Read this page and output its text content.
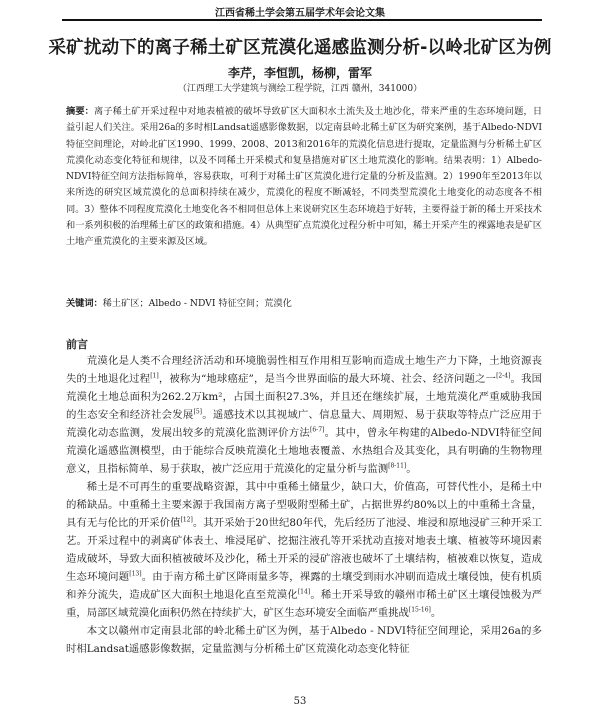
江西省稀土学会第五届学术年会论文集
采矿扰动下的离子稀土矿区荒漠化遥感监测分析-以岭北矿区为例
李芹，李恒凯，杨柳，雷军
（江西理工大学建筑与测绘工程学院，江西 赣州，341000）
摘要：离子稀土矿开采过程中对地表植被的破坏导致矿区大面积水土流失及土地沙化，带来严重的生态环境问题，日益引起人们关注。采用26a的多时相Landsat遥感影像数据，以定南县岭北稀土矿区为研究案例，基于Albedo-NDVI特征空间理论，对岭北矿区1990、1999、2008、2013和2016年的荒漠化信息进行提取，定量监测与分析稀土矿区荒漠化动态变化特征和规律，以及不同稀土开采模式和复垦措施对矿区土地荒漠化的影响。结果表明：1）Albedo-NDVI特征空间方法指标简单，容易获取，可利于对稀土矿区荒漠化进行定量的分析及监测。2）1990年至2013年以来所选的研究区域荒漠化的总面积持续在减少，荒漠化的程度不断减轻，不同类型荒漠化土地变化的动态度各不相同。3）整体不同程度荒漠化土地变化各不相同但总体上来说研究区生态环境趋于好转，主要得益于新的稀土开采技术和一系列积极的治理稀土矿区的政策和措施。4）从典型矿点荒漠化过程分析中可知，稀土开采产生的裸露地表是矿区土地产重荒漠化的主要来源及区域。
关键词：稀土矿区；Albedo - NDVI 特征空间；荒漠化
前言

荒漠化是人类不合理经济活动和环境脆弱性相互作用相互影响而造成土地生产力下降，土地资源丧失的土地退化过程[1]，被称为“地球癌症”，是当今世界面临的最大环境、社会、经济问题之一[2-4]。我国荒漠化土地总面积为262.2万km²，占国土面积27.3%，并且还在继续扩展，土地荒漠化严重威胁我国的生态安全和经济社会发展[5]。遥感技术以其视域广、信息量大、周期短、易于获取等特点广泛应用于荒漠化动态监测，发展出较多的荒漠化监测评价方法[6-7]。其中，曾永年构建的Albedo-NDVI特征空间荒漠化遥感监测模型，由于能综合反映荒漠化土地地表覆盖、水热组合及其变化，具有明确的生物物理意义，且指标简单、易于获取，被广泛应用于荒漠化的定量分析与监测[8-11]。

稀土是不可再生的重要战略资源，其中中重稀土储量少，缺口大，价值高，可替代性小，是稀土中的稀缺品。中重稀土主要来源于我国南方离子型吸附型稀土矿，占据世界约80%以上的中重稀土含量，具有无与伦比的开采价值[12]。其开采始于20世纪80年代，先后经历了池浸、堆浸和原地浸矿三种开采工艺。开采过程中的剥离矿体表土、堆浸尾矿、挖掘注液孔等开采扰动直接对地表土壤、植被等环境因素造成破坏，导致大面积植被破坏及沙化，稀土开采的浸矿溶液也破坏了土壤结构，植被难以恢复，造成生态环境问题[13]。由于南方稀土矿区降雨量多等，裸露的土壤受到雨水冲刷而造成土壤侵蚀，使有机质和养分流失，造成矿区大面积土地退化直至荒漠化[14]。稀土开采导致的赣州市稀土矿区土壤侵蚀极为严重，局部区域荒漠化面积仍然在持续扩大，矿区生态环境安全面临严重挑战[15-16]。

本文以赣州市定南县北部的岭北稀土矿区为例，基于Albedo - NDVI特征空间理论，采用26a的多时相Landsat遥感影像数据，定量监测与分析稀土矿区荒漠化动态变化特征

53
